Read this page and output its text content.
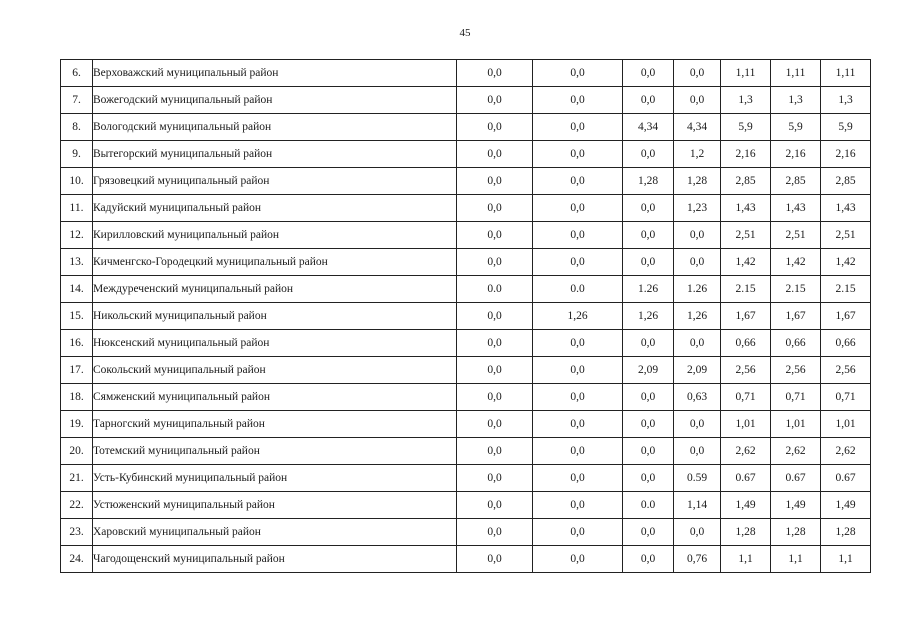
45
6.	Верховажский муниципальный район	0,0	0,0	0,0	0,0	1,11	1,11	1,11
7.	Вожегодский муниципальный район	0,0	0,0	0,0	0,0	1,3	1,3	1,3
8.	Вологодский муниципальный район	0,0	0,0	4,34	4,34	5,9	5,9	5,9
9.	Вытегорский муниципальный район	0,0	0,0	0,0	1,2	2,16	2,16	2,16
10.	Грязовецкий муниципальный район	0,0	0,0	1,28	1,28	2,85	2,85	2,85
11.	Кадуйский муниципальный район	0,0	0,0	0,0	1,23	1,43	1,43	1,43
12.	Кирилловский муниципальный район	0,0	0,0	0,0	0,0	2,51	2,51	2,51
13.	Кичменгско-Городецкий муниципальный район	0,0	0,0	0,0	0,0	1,42	1,42	1,42
14.	Междуреченский муниципальный район	0.0	0.0	1.26	1.26	2.15	2.15	2.15
15.	Никольский муниципальный район	0,0	1,26	1,26	1,26	1,67	1,67	1,67
16.	Нюксенский муниципальный район	0,0	0,0	0,0	0,0	0,66	0,66	0,66
17.	Сокольский муниципальный район	0,0	0,0	2,09	2,09	2,56	2,56	2,56
18.	Сямженский муниципальный район	0,0	0,0	0,0	0,63	0,71	0,71	0,71
19.	Тарногский муниципальный район	0,0	0,0	0,0	0,0	1,01	1,01	1,01
20.	Тотемский муниципальный район	0,0	0,0	0,0	0,0	2,62	2,62	2,62
21.	Усть-Кубинский муниципальный район	0,0	0,0	0,0	0.59	0.67	0.67	0.67
22.	Устюженский муниципальный район	0,0	0,0	0.0	1,14	1,49	1,49	1,49
23.	Харовский муниципальный район	0,0	0,0	0,0	0,0	1,28	1,28	1,28
24.	Чагодощенский муниципальный район	0,0	0,0	0,0	0,76	1,1	1,1	1,1
